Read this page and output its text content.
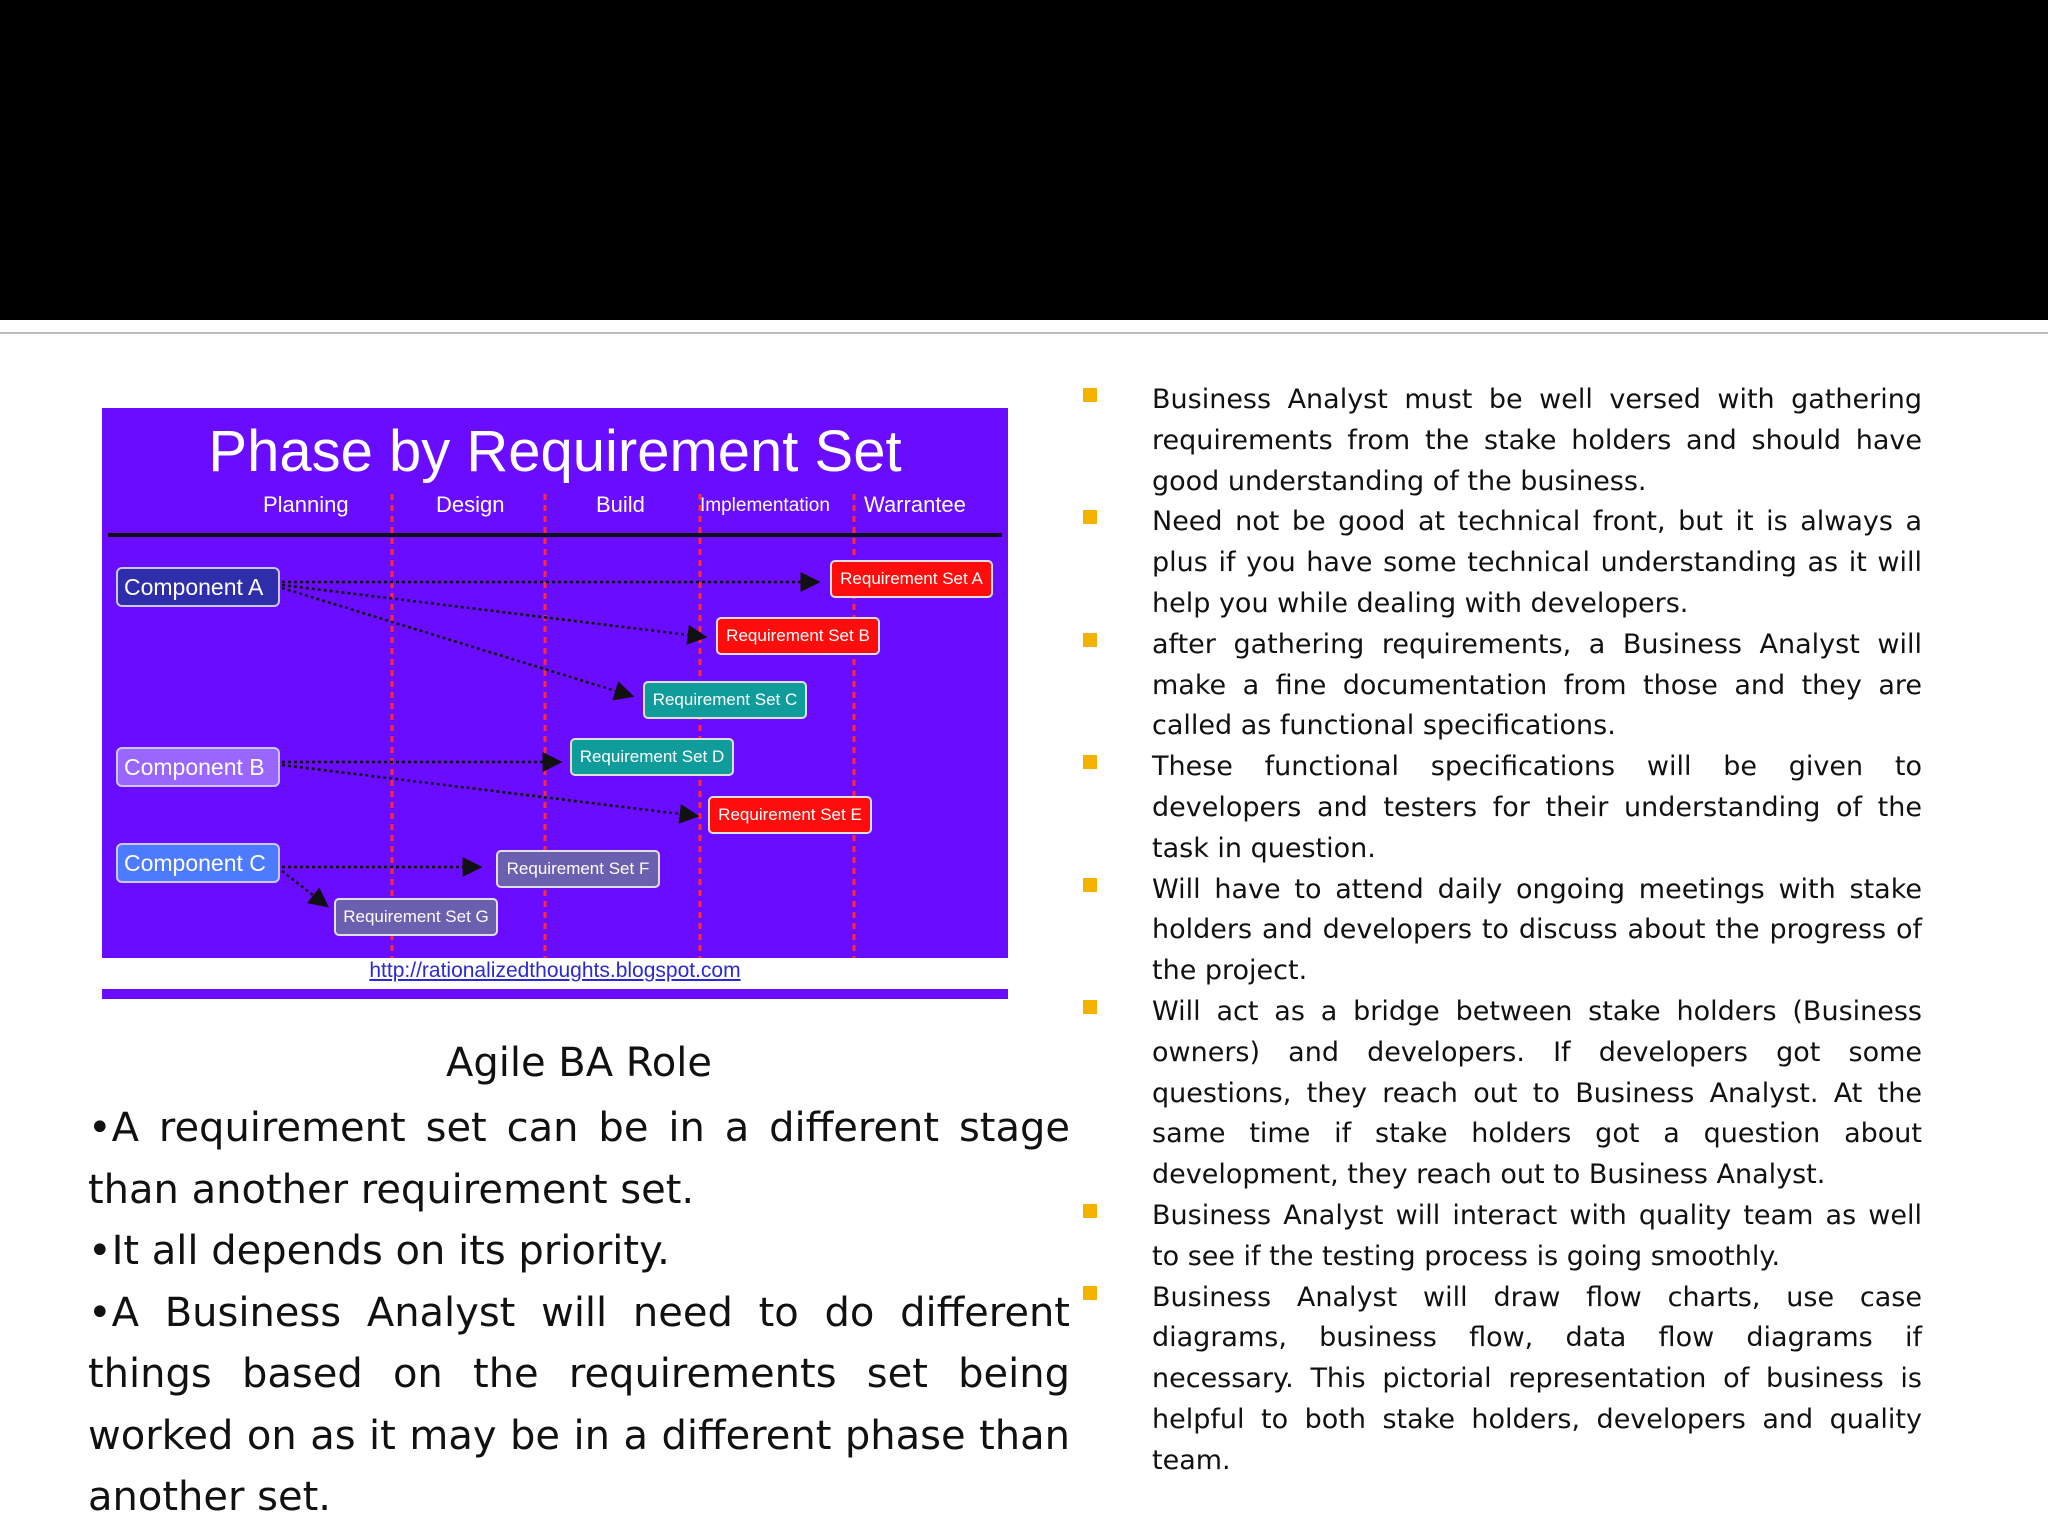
Phase by Requirement Set
Planning	Design	Build	Implementation Warrantee
Component A
Component B
Component C
Requirement Set A
Requirement Set B
Requirement Set C
Requirement Set D
Requirement Set E
Requirement Set F
Requirement Set G
http://rationalizedthoughts.blogspot.com
Agile BA Role

•A requirement set can be in a different stage than another requirement set.

•It all depends on its priority.

•A Business Analyst will need to do different things based on the requirements set being worked on as it may be in a different phase than another set.

Business Analyst must be well versed with gathering requirements from the stake holders and should have good understanding of the business.
Need not be good at technical front, but it is always a plus if you have some technical understanding as it will help you while dealing with developers.
after gathering requirements, a Business Analyst will make a fine documentation from those and they are called as functional specifications.
These functional specifications will be given to developers and testers for their understanding of the task in question.
Will have to attend daily ongoing meetings with stake holders and developers to discuss about the progress of the project.
Will act as a bridge between stake holders (Business owners) and developers. If developers got some questions, they reach out to Business Analyst. At the same time if stake holders got a question about development, they reach out to Business Analyst.
Business Analyst will interact with quality team as well to see if the testing process is going smoothly.
Business Analyst will draw flow charts, use case diagrams, business flow, data flow diagrams if necessary. This pictorial representation of business is helpful to both stake holders, developers and quality team.
